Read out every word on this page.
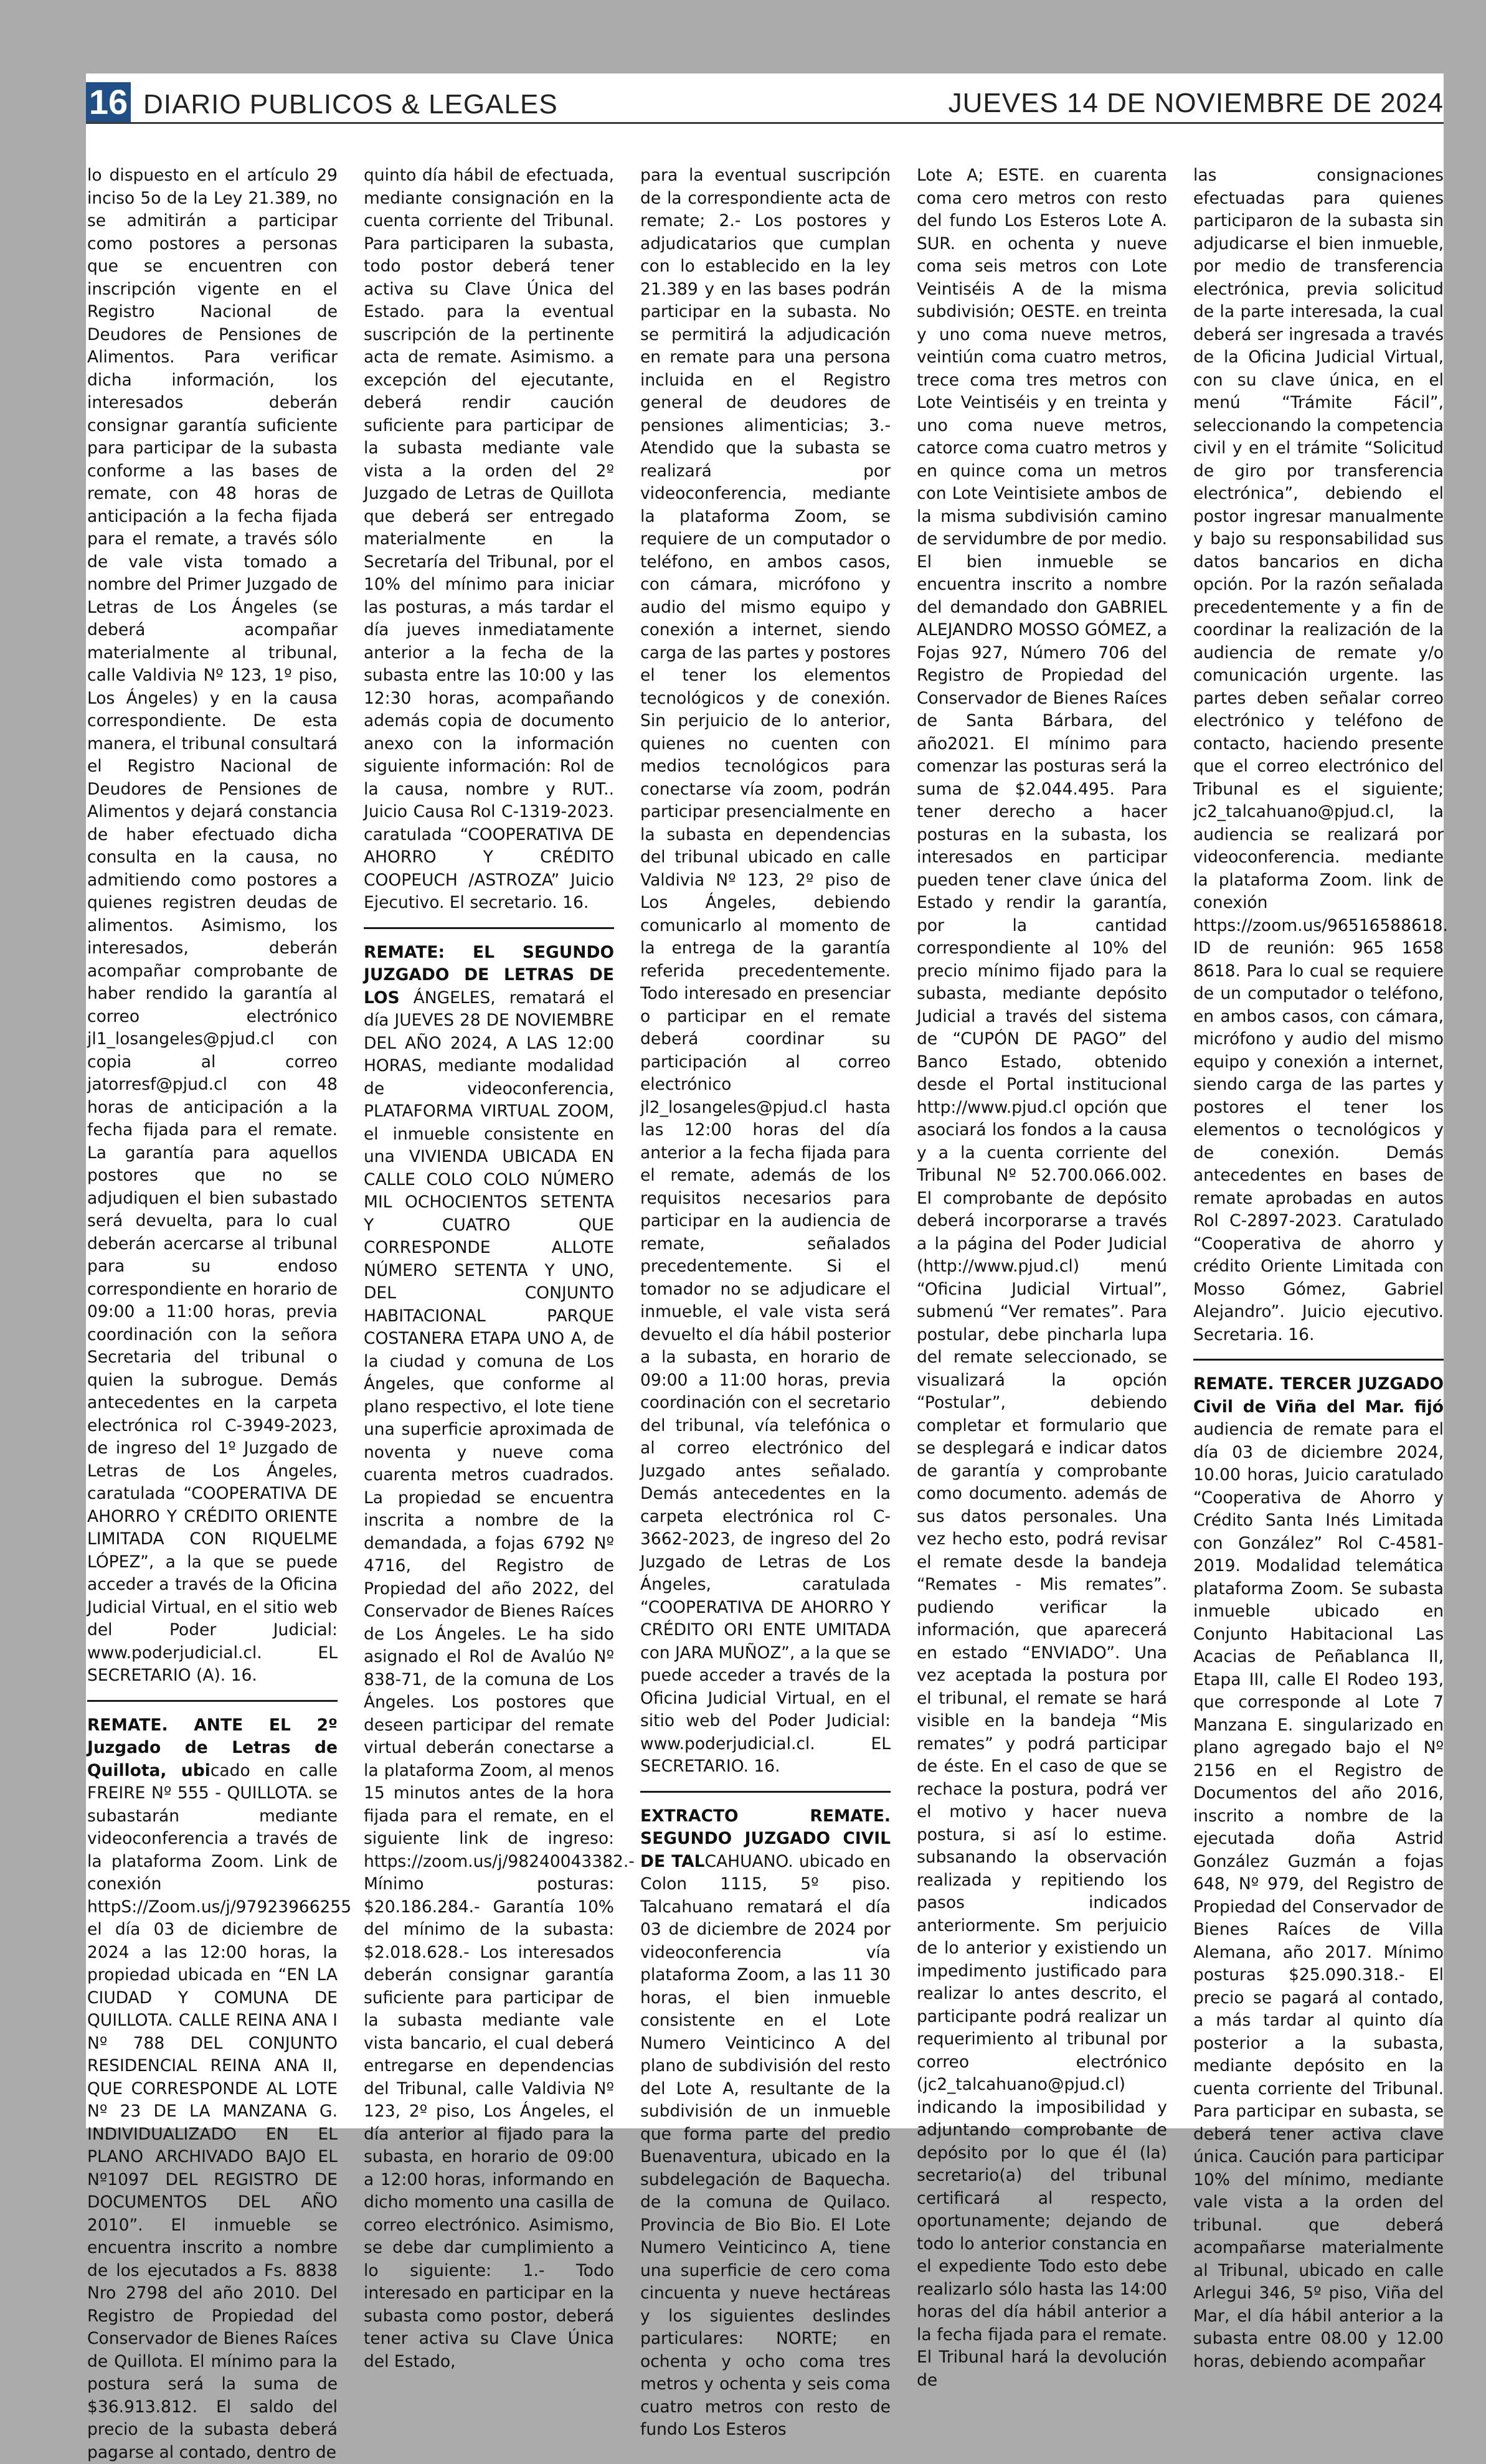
16 DIARIO PUBLICOS & LEGALES	JUEVES 14 DE NOVIEMBRE DE 2024

lo dispuesto en el artículo 29 inciso 5o de la Ley 21.389, no se admitirán a participar como postores a personas que se encuentren con inscripción vigente en el Registro Nacional de Deudores de Pensiones de Alimentos. Para verificar dicha información, los interesados deberán consignar garantía suficiente para participar de la subasta conforme a las bases de remate, con 48 horas de anticipación a la fecha fijada para el remate, a través sólo de vale vista tomado a nombre del Primer Juzgado de Letras de Los Ángeles (se deberá acompañar materialmente al tribunal, calle Valdivia Nº 123, 1º piso, Los Ángeles) y en la causa correspondiente. De esta manera, el tribunal consultará el Registro Nacional de Deudores de Pensiones de Alimentos y dejará constancia de haber efectuado dicha consulta en la causa, no admitiendo como postores a quienes registren deudas de alimentos. Asimismo, los interesados, deberán acompañar comprobante de haber rendido la garantía al correo electrónico jl1_losangeles@pjud.cl con copia al correo jatorresf@pjud.cl con 48 horas de anticipación a la fecha fijada para el remate. La garantía para aquellos postores que no se adjudiquen el bien subastado será devuelta, para lo cual deberán acercarse al tribunal para su endoso correspondiente en horario de 09:00 a 11:00 horas, previa coordinación con la señora Secretaria del tribunal o quien la subrogue. Demás antecedentes en la carpeta electrónica rol C-3949-2023, de ingreso del 1º Juzgado de Letras de Los Ángeles, caratulada “COOPERATIVA DE AHORRO Y CRÉDITO ORIENTE LIMITADA CON RIQUELME LÓPEZ”, a la que se puede acceder a través de la Oficina Judicial Virtual, en el sitio web del Poder Judicial: www.poderjudicial.cl. EL SECRETARIO (A). 16.

REMATE. ANTE EL 2º Juzgado de Letras de Quillota, ubicado en calle FREIRE Nº 555 - QUILLOTA. se subastarán mediante videoconferencia a través de la plataforma Zoom. Link de conexión httpS://Zoom.us/j/97923966255 el día 03 de diciembre de 2024 a las 12:00 horas, la propiedad ubicada en “EN LA CIUDAD Y COMUNA DE QUILLOTA. CALLE REINA ANA I Nº 788 DEL CONJUNTO RESIDENCIAL REINA ANA II, QUE CORRESPONDE AL LOTE Nº 23 DE LA MANZANA G. INDIVIDUALIZADO EN EL PLANO ARCHIVADO BAJO EL Nº1097 DEL REGISTRO DE DOCUMENTOS DEL AÑO 2010”. El inmueble se encuentra inscrito a nombre de los ejecutados a Fs. 8838 Nro 2798 del año 2010. Del Registro de Propiedad del Conservador de Bienes Raíces de Quillota. El mínimo para la postura será la suma de $36.913.812. El saldo del precio de la subasta deberá pagarse al contado, dentro de

quinto día hábil de efectuada, mediante consignación en la cuenta corriente del Tribunal. Para participaren la subasta, todo postor deberá tener activa su Clave Única del Estado. para la eventual suscripción de la pertinente acta de remate. Asimismo. a excepción del ejecutante, deberá rendir caución suficiente para participar de la subasta mediante vale vista a la orden del 2º Juzgado de Letras de Quillota que deberá ser entregado materialmente en la Secretaría del Tribunal, por el 10% del mínimo para iniciar las posturas, a más tardar el día jueves inmediatamente anterior a la fecha de la subasta entre las 10:00 y las 12:30 horas, acompañando además copia de documento anexo con la información siguiente información: Rol de la causa, nombre y RUT.. Juicio Causa Rol C-1319-2023. caratulada “COOPERATIVA DE AHORRO Y CRÉDITO COOPEUCH /ASTROZA” Juicio Ejecutivo. El secretario. 16.

REMATE: EL SEGUNDO JUZGADO DE LETRAS DE LOS ÁNGELES, rematará el día JUEVES 28 DE NOVIEMBRE DEL AÑO 2024, A LAS 12:00 HORAS, mediante modalidad de videoconferencia, PLATAFORMA VIRTUAL ZOOM, el inmueble consistente en una VIVIENDA UBICADA EN CALLE COLO COLO NÚMERO MIL OCHOCIENTOS SETENTA Y CUATRO QUE CORRESPONDE ALLOTE NÚMERO SETENTA Y UNO, DEL CONJUNTO HABITACIONAL PARQUE COSTANERA ETAPA UNO A, de la ciudad y comuna de Los Ángeles, que conforme al plano respectivo, el lote tiene una superficie aproximada de noventa y nueve coma cuarenta metros cuadrados. La propiedad se encuentra inscrita a nombre de la demandada, a fojas 6792 Nº 4716, del Registro de Propiedad del año 2022, del Conservador de Bienes Raíces de Los Ángeles. Le ha sido asignado el Rol de Avalúo Nº 838-71, de la comuna de Los Ángeles. Los postores que deseen participar del remate virtual deberán conectarse a la plataforma Zoom, al menos 15 minutos antes de la hora fijada para el remate, en el siguiente link de ingreso: https://zoom.us/j/98240043382.- Mínimo posturas: $20.186.284.- Garantía 10% del mínimo de la subasta: $2.018.628.- Los interesados deberán consignar garantía suficiente para participar de la subasta mediante vale vista bancario, el cual deberá entregarse en dependencias del Tribunal, calle Valdivia Nº 123, 2º piso, Los Ángeles, el día anterior al fijado para la subasta, en horario de 09:00 a 12:00 horas, informando en dicho momento una casilla de correo electrónico. Asimismo, se debe dar cumplimiento a lo siguiente: 1.- Todo interesado en participar en la subasta como postor, deberá tener activa su Clave Única del Estado,

para la eventual suscripción de la correspondiente acta de remate; 2.- Los postores y adjudicatarios que cumplan con lo establecido en la ley 21.389 y en las bases podrán participar en la subasta. No se permitirá la adjudicación en remate para una persona incluida en el Registro general de deudores de pensiones alimenticias; 3.- Atendido que la subasta se realizará por videoconferencia, mediante la plataforma Zoom, se requiere de un computador o teléfono, en ambos casos, con cámara, micrófono y audio del mismo equipo y conexión a internet, siendo carga de las partes y postores el tener los elementos tecnológicos y de conexión. Sin perjuicio de lo anterior, quienes no cuenten con medios tecnológicos para conectarse vía zoom, podrán participar presencialmente en la subasta en dependencias del tribunal ubicado en calle Valdivia Nº 123, 2º piso de Los Ángeles, debiendo comunicarlo al momento de la entrega de la garantía referida precedentemente. Todo interesado en presenciar o participar en el remate deberá coordinar su participación al correo electrónico jl2_losangeles@pjud.cl hasta las 12:00 horas del día anterior a la fecha fijada para el remate, además de los requisitos necesarios para participar en la audiencia de remate, señalados precedentemente. Si el tomador no se adjudicare el inmueble, el vale vista será devuelto el día hábil posterior a la subasta, en horario de 09:00 a 11:00 horas, previa coordinación con el secretario del tribunal, vía telefónica o al correo electrónico del Juzgado antes señalado. Demás antecedentes en la carpeta electrónica rol C-3662-2023, de ingreso del 2o Juzgado de Letras de Los Ángeles, caratulada “COOPERATIVA DE AHORRO Y CRÉDITO ORI ENTE UMITADA con JARA MUÑOZ”, a la que se puede acceder a través de la Oficina Judicial Virtual, en el sitio web del Poder Judicial: www.poderjudicial.cl. EL SECRETARIO. 16.

EXTRACTO REMATE. SEGUNDO JUZGADO CIVIL DE TALCAHUANO. ubicado en Colon 1115, 5º piso. Talcahuano rematará el día 03 de diciembre de 2024 por videoconferencia vía plataforma Zoom, a las 11 30 horas, el bien inmueble consistente en el Lote Numero Veinticinco A del plano de subdivisión del resto del Lote A, resultante de la subdivisión de un inmueble que forma parte del predio Buenaventura, ubicado en la subdelegación de Baquecha. de la comuna de Quilaco. Provincia de Bio Bio. El Lote Numero Veinticinco A, tiene una superficie de cero coma cincuenta y nueve hectáreas y los siguientes deslindes particulares: NORTE; en ochenta y ocho coma tres metros y ochenta y seis coma cuatro metros con resto de fundo Los Esteros

Lote A; ESTE. en cuarenta coma cero metros con resto del fundo Los Esteros Lote A. SUR. en ochenta y nueve coma seis metros con Lote Veintiséis A de la misma subdivisión; OESTE. en treinta y uno coma nueve metros, veintiún coma cuatro metros, trece coma tres metros con Lote Veintiséis y en treinta y uno coma nueve metros, catorce coma cuatro metros y en quince coma un metros con Lote Veintisiete ambos de la misma subdivisión camino de servidumbre de por medio. El bien inmueble se encuentra inscrito a nombre del demandado don GABRIEL ALEJANDRO MOSSO GÓMEZ, a Fojas 927, Número 706 del Registro de Propiedad del Conservador de Bienes Raíces de Santa Bárbara, del año2021. El mínimo para comenzar las posturas será la suma de $2.044.495. Para tener derecho a hacer posturas en la subasta, los interesados en participar pueden tener clave única del Estado y rendir la garantía, por la cantidad correspondiente al 10% del precio mínimo fijado para la subasta, mediante depósito Judicial a través del sistema de “CUPÓN DE PAGO” del Banco Estado, obtenido desde el Portal institucional http://www.pjud.cl opción que asociará los fondos a la causa y a la cuenta corriente del Tribunal Nº 52.700.066.002. El comprobante de depósito deberá incorporarse a través a la página del Poder Judicial (http://www.pjud.cl) menú “Oficina Judicial Virtual”, submenú “Ver remates”. Para postular, debe pincharla lupa del remate seleccionado, se visualizará la opción “Postular”, debiendo completar et formulario que se desplegará e indicar datos de garantía y comprobante como documento. además de sus datos personales. Una vez hecho esto, podrá revisar el remate desde la bandeja “Remates - Mis remates”. pudiendo verificar la información, que aparecerá en estado “ENVIADO”. Una vez aceptada la postura por el tribunal, el remate se hará visible en la bandeja “Mis remates” y podrá participar de éste. En el caso de que se rechace la postura, podrá ver el motivo y hacer nueva postura, si así lo estime. subsanando la observación realizada y repitiendo los pasos indicados anteriormente. Sm perjuicio de lo anterior y existiendo un impedimento justificado para realizar lo antes descrito, el participante podrá realizar un requerimiento al tribunal por correo electrónico (jc2_talcahuano@pjud.cl) indicando la imposibilidad y adjuntando comprobante de depósito por lo que él (la) secretario(a) del tribunal certificará al respecto, oportunamente; dejando de todo lo anterior constancia en el expediente Todo esto debe realizarlo sólo hasta las 14:00 horas del día hábil anterior a la fecha fijada para el remate. El Tribunal hará la devolución de

las consignaciones efectuadas para quienes participaron de la subasta sin adjudicarse el bien inmueble, por medio de transferencia electrónica, previa solicitud de la parte interesada, la cual deberá ser ingresada a través de la Oficina Judicial Virtual, con su clave única, en el menú “Trámite Fácil”, seleccionando la competencia civil y en el trámite “Solicitud de giro por transferencia electrónica”, debiendo el postor ingresar manualmente y bajo su responsabilidad sus datos bancarios en dicha opción. Por la razón señalada precedentemente y a fin de coordinar la realización de la audiencia de remate y/o comunicación urgente. las partes deben señalar correo electrónico y teléfono de contacto, haciendo presente que el correo electrónico del Tribunal es el siguiente; jc2_talcahuano@pjud.cl, la audiencia se realizará por videoconferencia. mediante la plataforma Zoom. link de conexión https://zoom.us/96516588618. ID de reunión: 965 1658 8618. Para lo cual se requiere de un computador o teléfono, en ambos casos, con cámara, micrófono y audio del mismo equipo y conexión a internet, siendo carga de las partes y postores el tener los elementos o tecnológicos y de conexión. Demás antecedentes en bases de remate aprobadas en autos Rol C-2897-2023. Caratulado “Cooperativa de ahorro y crédito Oriente Limitada con Mosso Gómez, Gabriel Alejandro”. Juicio ejecutivo. Secretaria. 16.

REMATE. TERCER JUZGADO Civil de Viña del Mar. fijó audiencia de remate para el día 03 de diciembre 2024, 10.00 horas, Juicio caratulado “Cooperativa de Ahorro y Crédito Santa Inés Limitada con González” Rol C-4581-2019. Modalidad telemática plataforma Zoom. Se subasta inmueble ubicado en Conjunto Habitacional Las Acacias de Peñablanca II, Etapa III, calle El Rodeo 193, que corresponde al Lote 7 Manzana E. singularizado en plano agregado bajo el Nº 2156 en el Registro de Documentos del año 2016, inscrito a nombre de la ejecutada doña Astrid González Guzmán a fojas 648, Nº 979, del Registro de Propiedad del Conservador de Bienes Raíces de Villa Alemana, año 2017. Mínimo posturas $25.090.318.- El precio se pagará al contado, a más tardar al quinto día posterior a la subasta, mediante depósito en la cuenta corriente del Tribunal. Para participar en subasta, se deberá tener activa clave única. Caución para participar 10% del mínimo, mediante vale vista a la orden del tribunal. que deberá acompañarse materialmente al Tribunal, ubicado en calle Arlegui 346, 5º piso, Viña del Mar, el día hábil anterior a la subasta entre 08.00 y 12.00 horas, debiendo acompañar
